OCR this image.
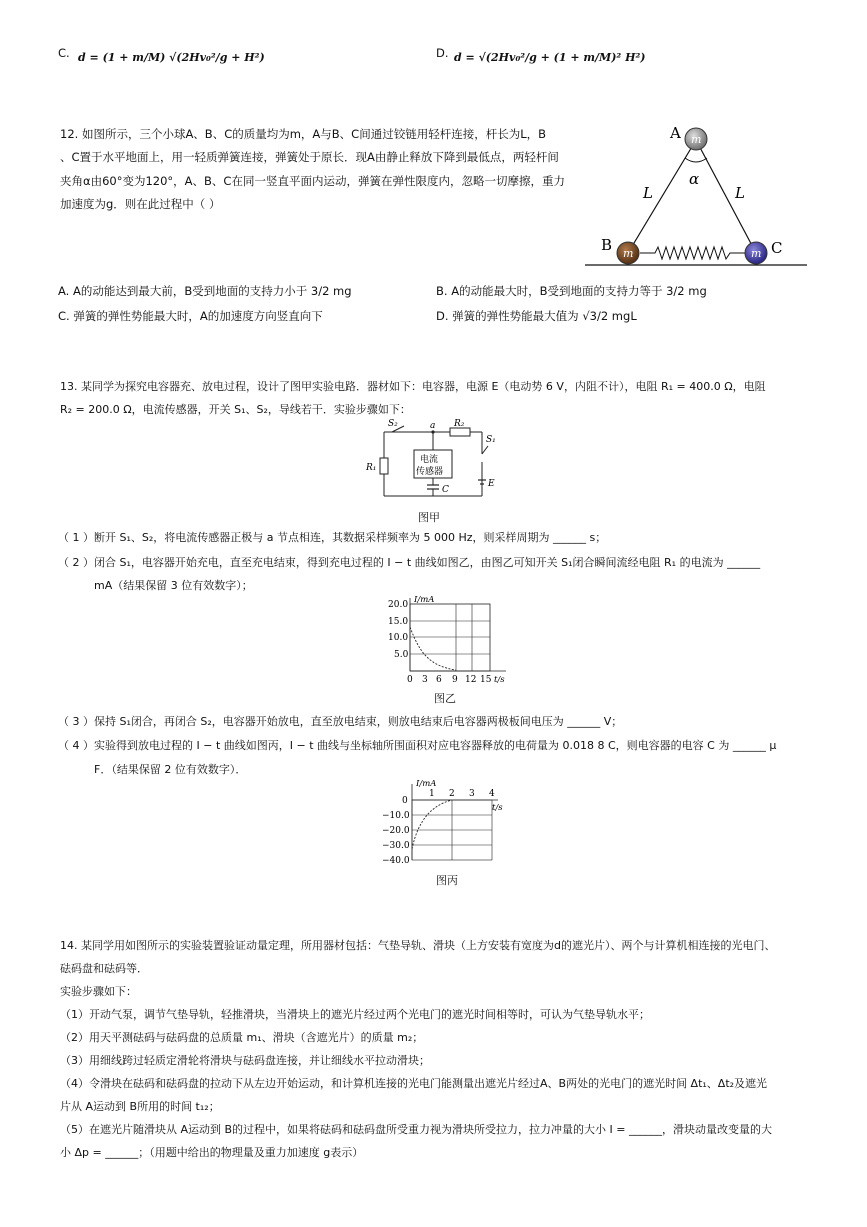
C. d = (1 + m/M) √(2Hv₀²/g + H²)	D. d = √(2Hv₀²/g + (1 + m/M)² H²)
12. 如图所示，三个小球A、B、C的质量均为m，A与B、C间通过铰链用轻杆连接，杆长为L，B
、C置于水平地面上，用一轻质弹簧连接，弹簧处于原长．现A由静止释放下降到最低点，两轻杆间
夹角α由60°变为120°，A、B、C在同一竖直平面内运动，弹簧在弹性限度内，忽略一切摩擦，重力
加速度为g．则在此过程中（ ）
m
m	m
A
B	C
L	L
α
A. A的动能达到最大前，B受到地面的支持力小于 3/2 mg	B. A的动能最大时，B受到地面的支持力等于 3/2 mg
C. 弹簧的弹性势能最大时，A的加速度方向竖直向下	D. 弹簧的弹性势能最大值为 √3/2 mgL
13. 某同学为探究电容器充、放电过程，设计了图甲实验电路．器材如下：电容器，电源 E（电动势 6 V，内阻不计），电阻 R₁ = 400.0 Ω，电阻
R₂ = 200.0 Ω，电流传感器，开关 S₁、S₂，导线若干．实验步骤如下：
S₂	a R₂
S₁
R₁
电流
传感器
C
E
图甲
（ 1 ）断开 S₁、S₂，将电流传感器正极与 a 节点相连，其数据采样频率为 5 000 Hz，则采样周期为 ______ s；
（ 2 ）闭合 S₁，电容器开始充电，直至充电结束，得到充电过程的 I − t 曲线如图乙，由图乙可知开关 S₁闭合瞬间流经电阻 R₁ 的电流为 ______
mA（结果保留 3 位有效数字）；
I/mA
t/s
20.0
15.0
10.0
5.0
0 3 6 9 12 15
图乙
（ 3 ）保持 S₁闭合，再闭合 S₂，电容器开始放电，直至放电结束，则放电结束后电容器两极板间电压为 ______ V；
（ 4 ）实验得到放电过程的 I − t 曲线如图丙，I − t 曲线与坐标轴所围面积对应电容器释放的电荷量为 0.018 8 C，则电容器的电容 C 为 ______ μ
F．（结果保留 2 位有效数字）．
I/mA
t/s
0
−10.0
−20.0
−30.0
−40.0
1 2 3 4
图丙
14. 某同学用如图所示的实验装置验证动量定理，所用器材包括：气垫导轨、滑块（上方安装有宽度为d的遮光片）、两个与计算机相连接的光电门、
砝码盘和砝码等．
实验步骤如下：
（1）开动气泵，调节气垫导轨，轻推滑块，当滑块上的遮光片经过两个光电门的遮光时间相等时，可认为气垫导轨水平；
（2）用天平测砝码与砝码盘的总质量 m₁、滑块（含遮光片）的质量 m₂；
（3）用细线跨过轻质定滑轮将滑块与砝码盘连接，并让细线水平拉动滑块；
（4）令滑块在砝码和砝码盘的拉动下从左边开始运动，和计算机连接的光电门能测量出遮光片经过A、B两处的光电门的遮光时间 Δt₁、Δt₂及遮光
片从 A运动到 B所用的时间 t₁₂；
（5）在遮光片随滑块从 A运动到 B的过程中，如果将砝码和砝码盘所受重力视为滑块所受拉力，拉力冲量的大小 I = ______，滑块动量改变量的大
小 Δp = ______；（用题中给出的物理量及重力加速度 g表示）
